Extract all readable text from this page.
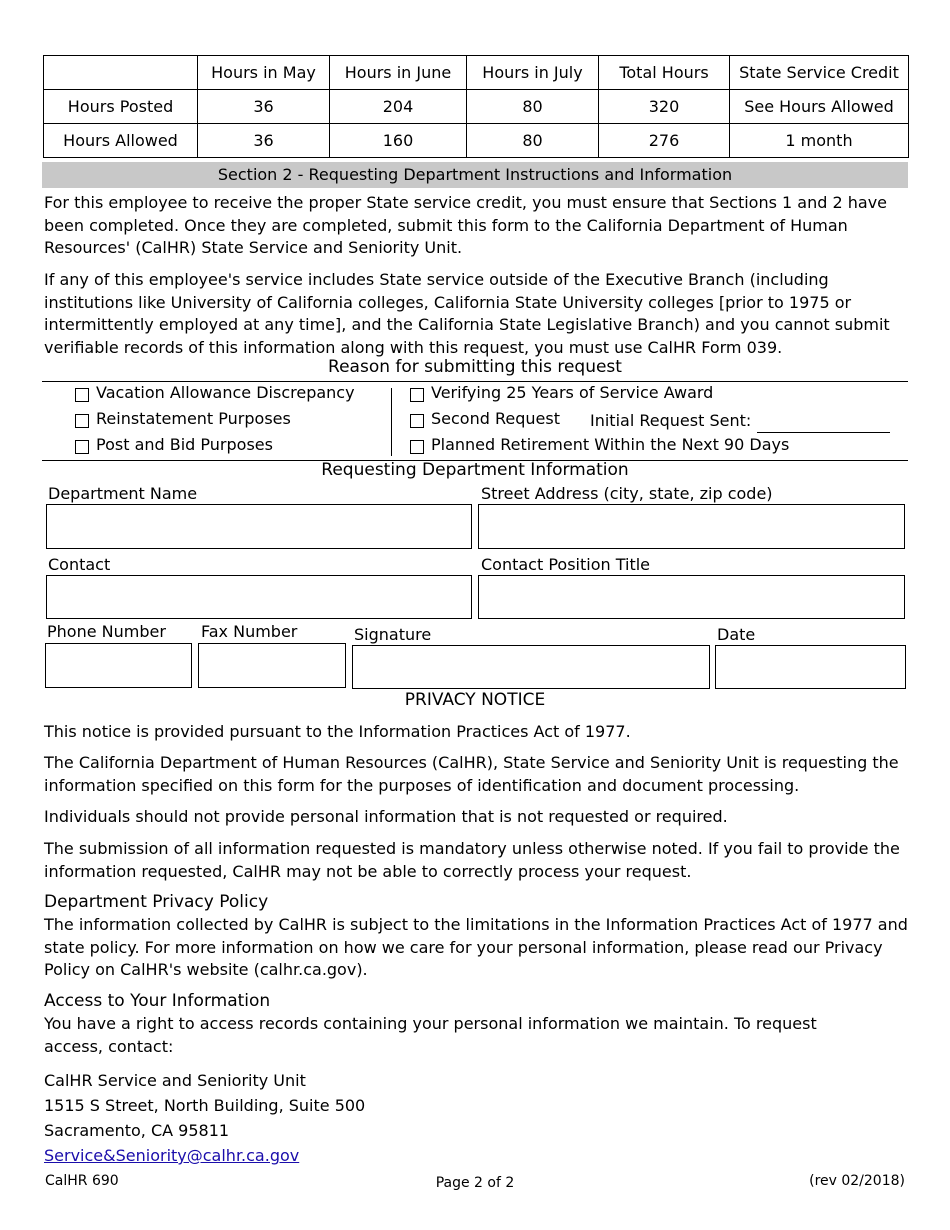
	Hours in May	Hours in June	Hours in July	Total Hours	State Service Credit
Hours Posted	36	204	80	320	See Hours Allowed
Hours Allowed	36	160	80	276	1 month
Section 2 - Requesting Department Instructions and Information
For this employee to receive the proper State service credit, you must ensure that Sections 1 and 2 have been completed. Once they are completed, submit this form to the California Department of Human Resources' (CalHR) State Service and Seniority Unit.
If any of this employee's service includes State service outside of the Executive Branch (including institutions like University of California colleges, California State University colleges [prior to 1975 or intermittently employed at any time], and the California State Legislative Branch) and you cannot submit verifiable records of this information along with this request, you must use CalHR Form 039.
Reason for submitting this request
Vacation Allowance Discrepancy
Reinstatement Purposes
Post and Bid Purposes
Verifying 25 Years of Service Award
Second Request Initial Request Sent:
Planned Retirement Within the Next 90 Days
Requesting Department Information
Department Name	Street Address (city, state, zip code)
Contact	Contact Position Title
Phone Number Fax Number	Signature	Date
PRIVACY NOTICE
This notice is provided pursuant to the Information Practices Act of 1977.
The California Department of Human Resources (CalHR), State Service and Seniority Unit is requesting the information specified on this form for the purposes of identification and document processing.
Individuals should not provide personal information that is not requested or required.
The submission of all information requested is mandatory unless otherwise noted. If you fail to provide the information requested, CalHR may not be able to correctly process your request.
Department Privacy Policy
The information collected by CalHR is subject to the limitations in the Information Practices Act of 1977 and state policy. For more information on how we care for your personal information, please read our Privacy Policy on CalHR's website (calhr.ca.gov).
Access to Your Information
You have a right to access records containing your personal information we maintain. To request access, contact:
CalHR Service and Seniority Unit
1515 S Street, North Building, Suite 500
Sacramento, CA 95811
Service&Seniority@calhr.ca.gov
CalHR 690	Page 2 of 2	(rev 02/2018)
